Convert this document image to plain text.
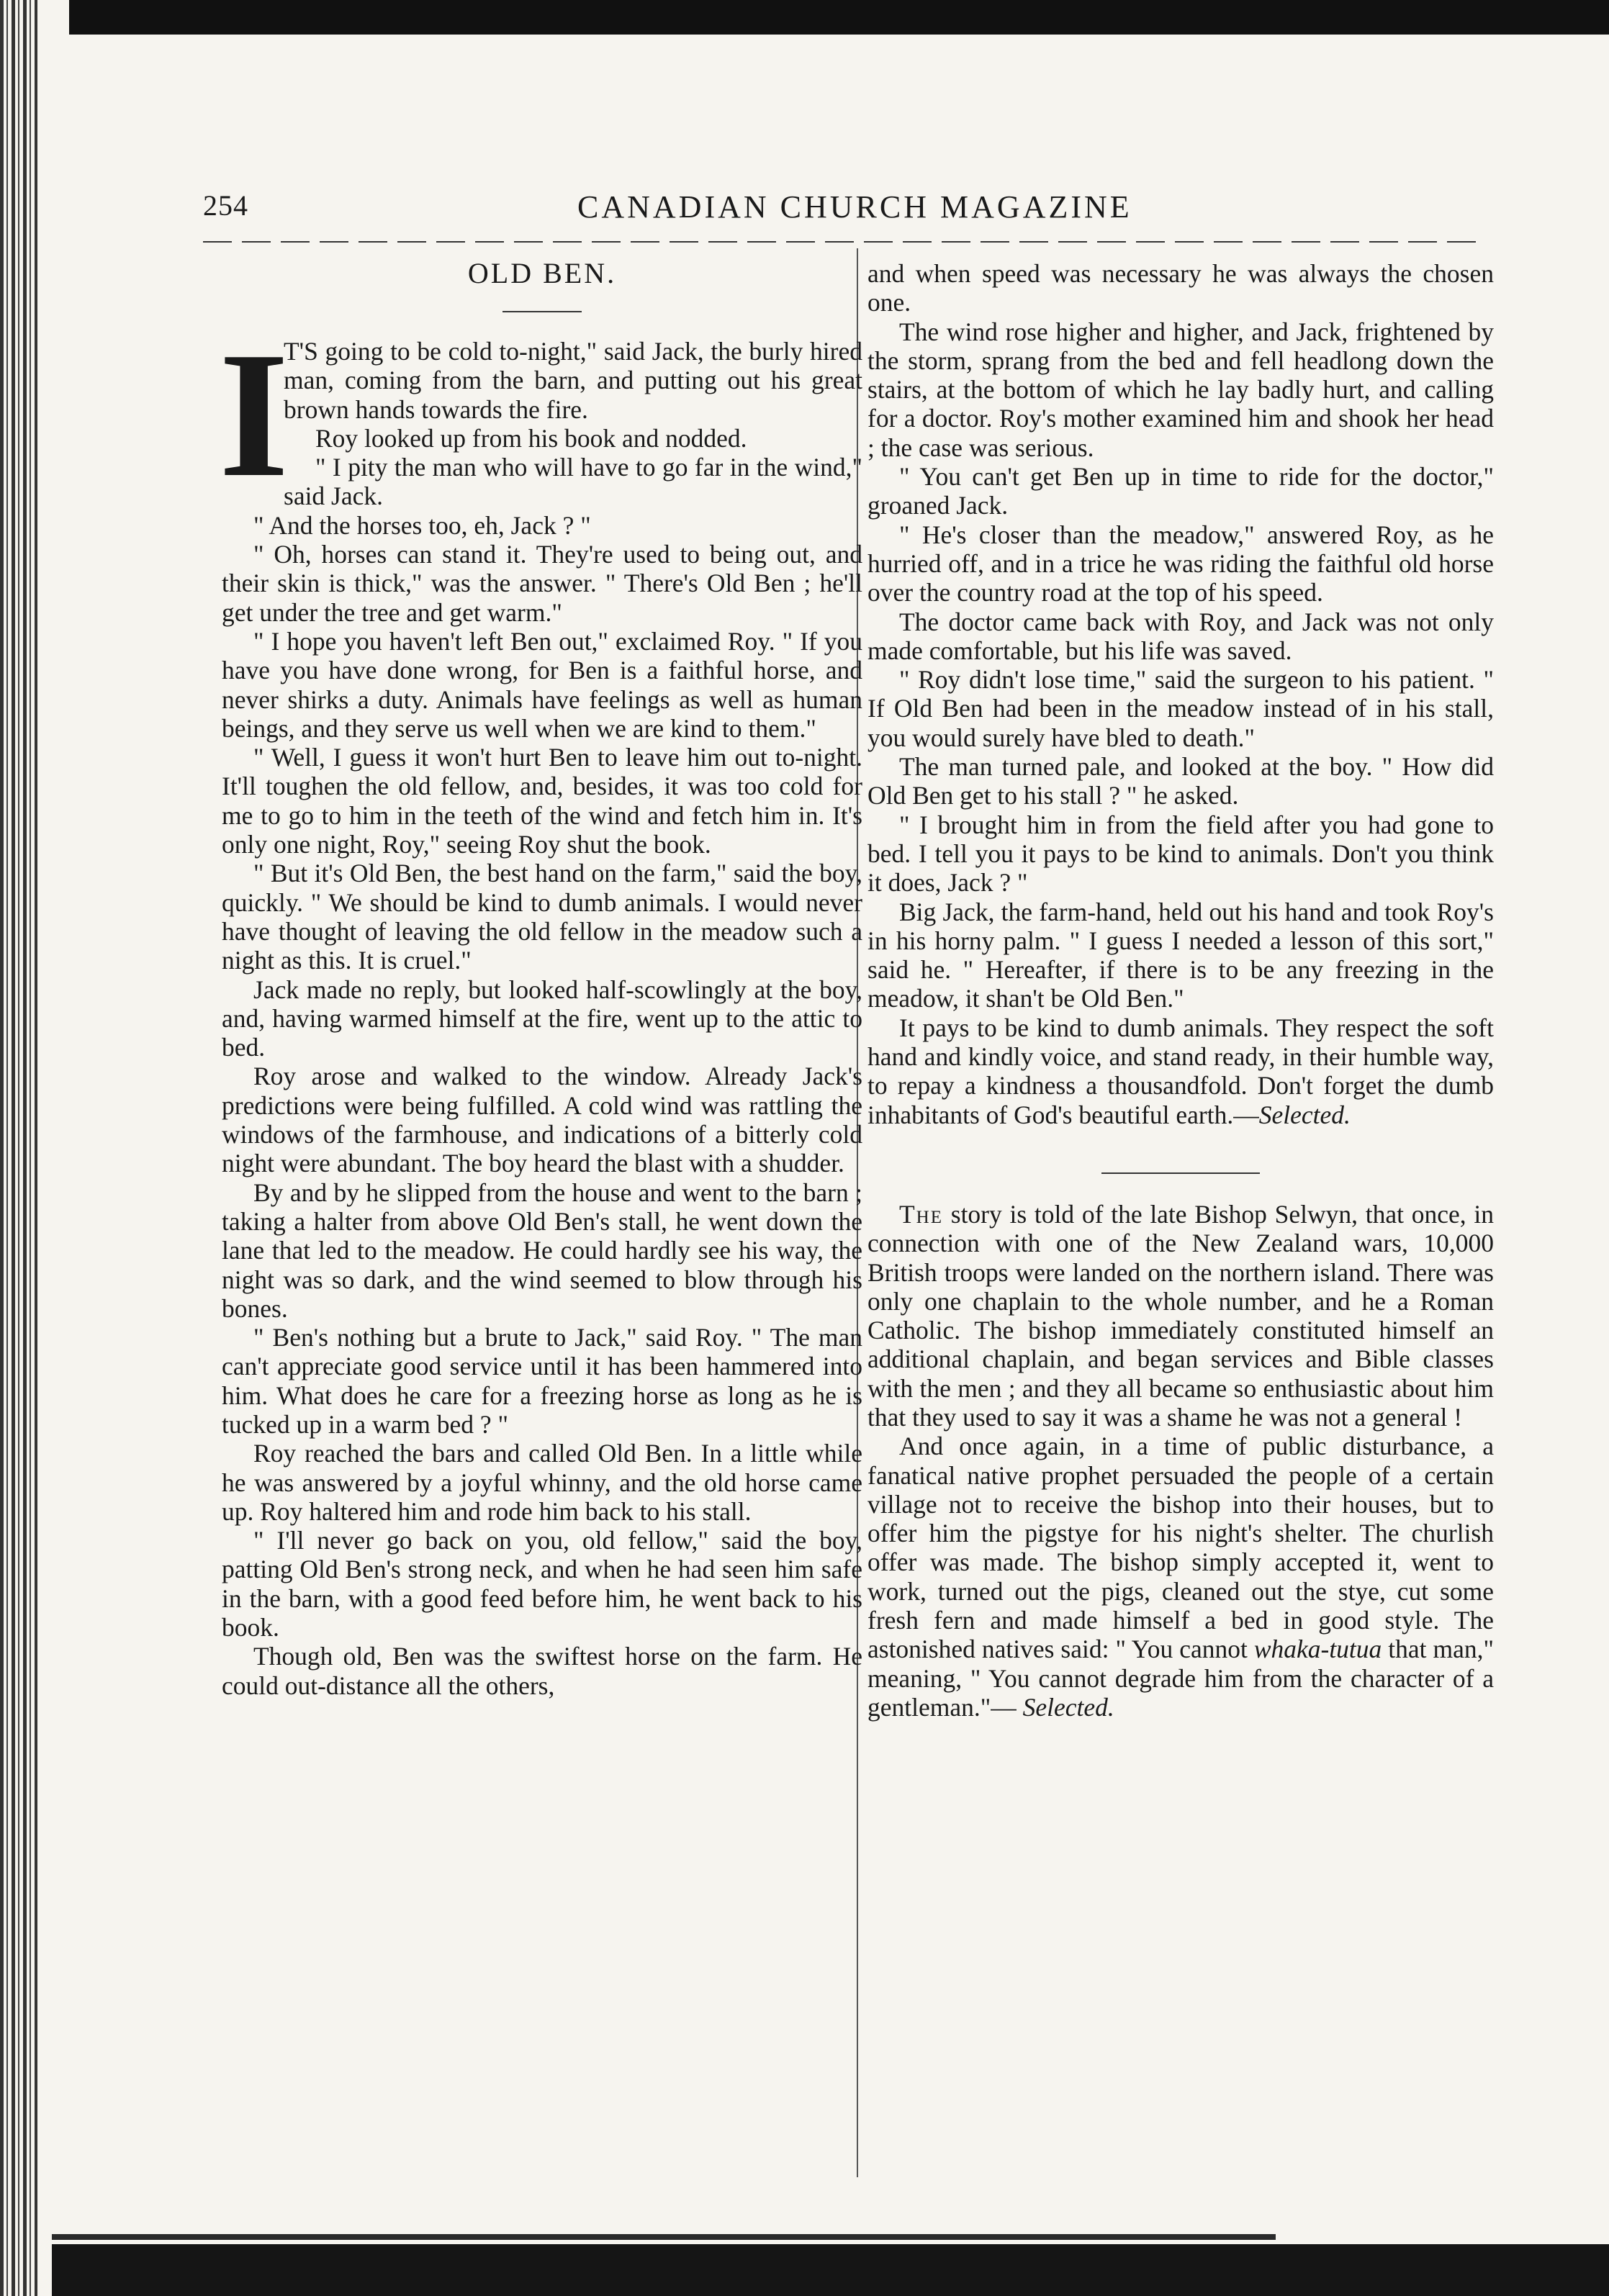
254	CANADIAN CHURCH MAGAZINE
OLD BEN.

I
T'S going to be cold to-night," said Jack, the burly hired man, coming from the barn, and putting out his great brown hands towards the fire.

Roy looked up from his book and nodded.

" I pity the man who will have to go far in the wind," said Jack.

" And the horses too, eh, Jack ? "

" Oh, horses can stand it. They're used to being out, and their skin is thick," was the answer. " There's Old Ben ; he'll get under the tree and get warm."

" I hope you haven't left Ben out," exclaimed Roy. " If you have you have done wrong, for Ben is a faithful horse, and never shirks a duty. Animals have feelings as well as human beings, and they serve us well when we are kind to them."

" Well, I guess it won't hurt Ben to leave him out to-night. It'll toughen the old fellow, and, besides, it was too cold for me to go to him in the teeth of the wind and fetch him in. It's only one night, Roy," seeing Roy shut the book.

" But it's Old Ben, the best hand on the farm," said the boy, quickly. " We should be kind to dumb animals. I would never have thought of leaving the old fellow in the meadow such a night as this. It is cruel."

Jack made no reply, but looked half-scowlingly at the boy, and, having warmed himself at the fire, went up to the attic to bed.

Roy arose and walked to the window. Already Jack's predictions were being fulfilled. A cold wind was rattling the windows of the farmhouse, and indications of a bitterly cold night were abundant. The boy heard the blast with a shudder.

By and by he slipped from the house and went to the barn ; taking a halter from above Old Ben's stall, he went down the lane that led to the meadow. He could hardly see his way, the night was so dark, and the wind seemed to blow through his bones.

" Ben's nothing but a brute to Jack," said Roy. " The man can't appreciate good service until it has been hammered into him. What does he care for a freezing horse as long as he is tucked up in a warm bed ? "

Roy reached the bars and called Old Ben. In a little while he was answered by a joyful whinny, and the old horse came up. Roy haltered him and rode him back to his stall.

" I'll never go back on you, old fellow," said the boy, patting Old Ben's strong neck, and when he had seen him safe in the barn, with a good feed before him, he went back to his book.

Though old, Ben was the swiftest horse on the farm. He could out-distance all the others,

and when speed was necessary he was always the chosen one.

The wind rose higher and higher, and Jack, frightened by the storm, sprang from the bed and fell headlong down the stairs, at the bottom of which he lay badly hurt, and calling for a doctor. Roy's mother examined him and shook her head ; the case was serious.

" You can't get Ben up in time to ride for the doctor," groaned Jack.

" He's closer than the meadow," answered Roy, as he hurried off, and in a trice he was riding the faithful old horse over the country road at the top of his speed.

The doctor came back with Roy, and Jack was not only made comfortable, but his life was saved.

" Roy didn't lose time," said the surgeon to his patient. " If Old Ben had been in the meadow instead of in his stall, you would surely have bled to death."

The man turned pale, and looked at the boy. " How did Old Ben get to his stall ? " he asked.

" I brought him in from the field after you had gone to bed. I tell you it pays to be kind to animals. Don't you think it does, Jack ? "

Big Jack, the farm-hand, held out his hand and took Roy's in his horny palm. " I guess I needed a lesson of this sort," said he. " Hereafter, if there is to be any freezing in the meadow, it shan't be Old Ben."

It pays to be kind to dumb animals. They respect the soft hand and kindly voice, and stand ready, in their humble way, to repay a kindness a thousandfold. Don't forget the dumb inhabitants of God's beautiful earth.—Selected.

The story is told of the late Bishop Selwyn, that once, in connection with one of the New Zealand wars, 10,000 British troops were landed on the northern island. There was only one chaplain to the whole number, and he a Roman Catholic. The bishop immediately constituted himself an additional chaplain, and began services and Bible classes with the men ; and they all became so enthusiastic about him that they used to say it was a shame he was not a general !

And once again, in a time of public disturbance, a fanatical native prophet persuaded the people of a certain village not to receive the bishop into their houses, but to offer him the pigstye for his night's shelter. The churlish offer was made. The bishop simply accepted it, went to work, turned out the pigs, cleaned out the stye, cut some fresh fern and made himself a bed in good style. The astonished natives said: " You cannot whaka-tutua that man," meaning, " You cannot degrade him from the character of a gentleman."— Selected.
